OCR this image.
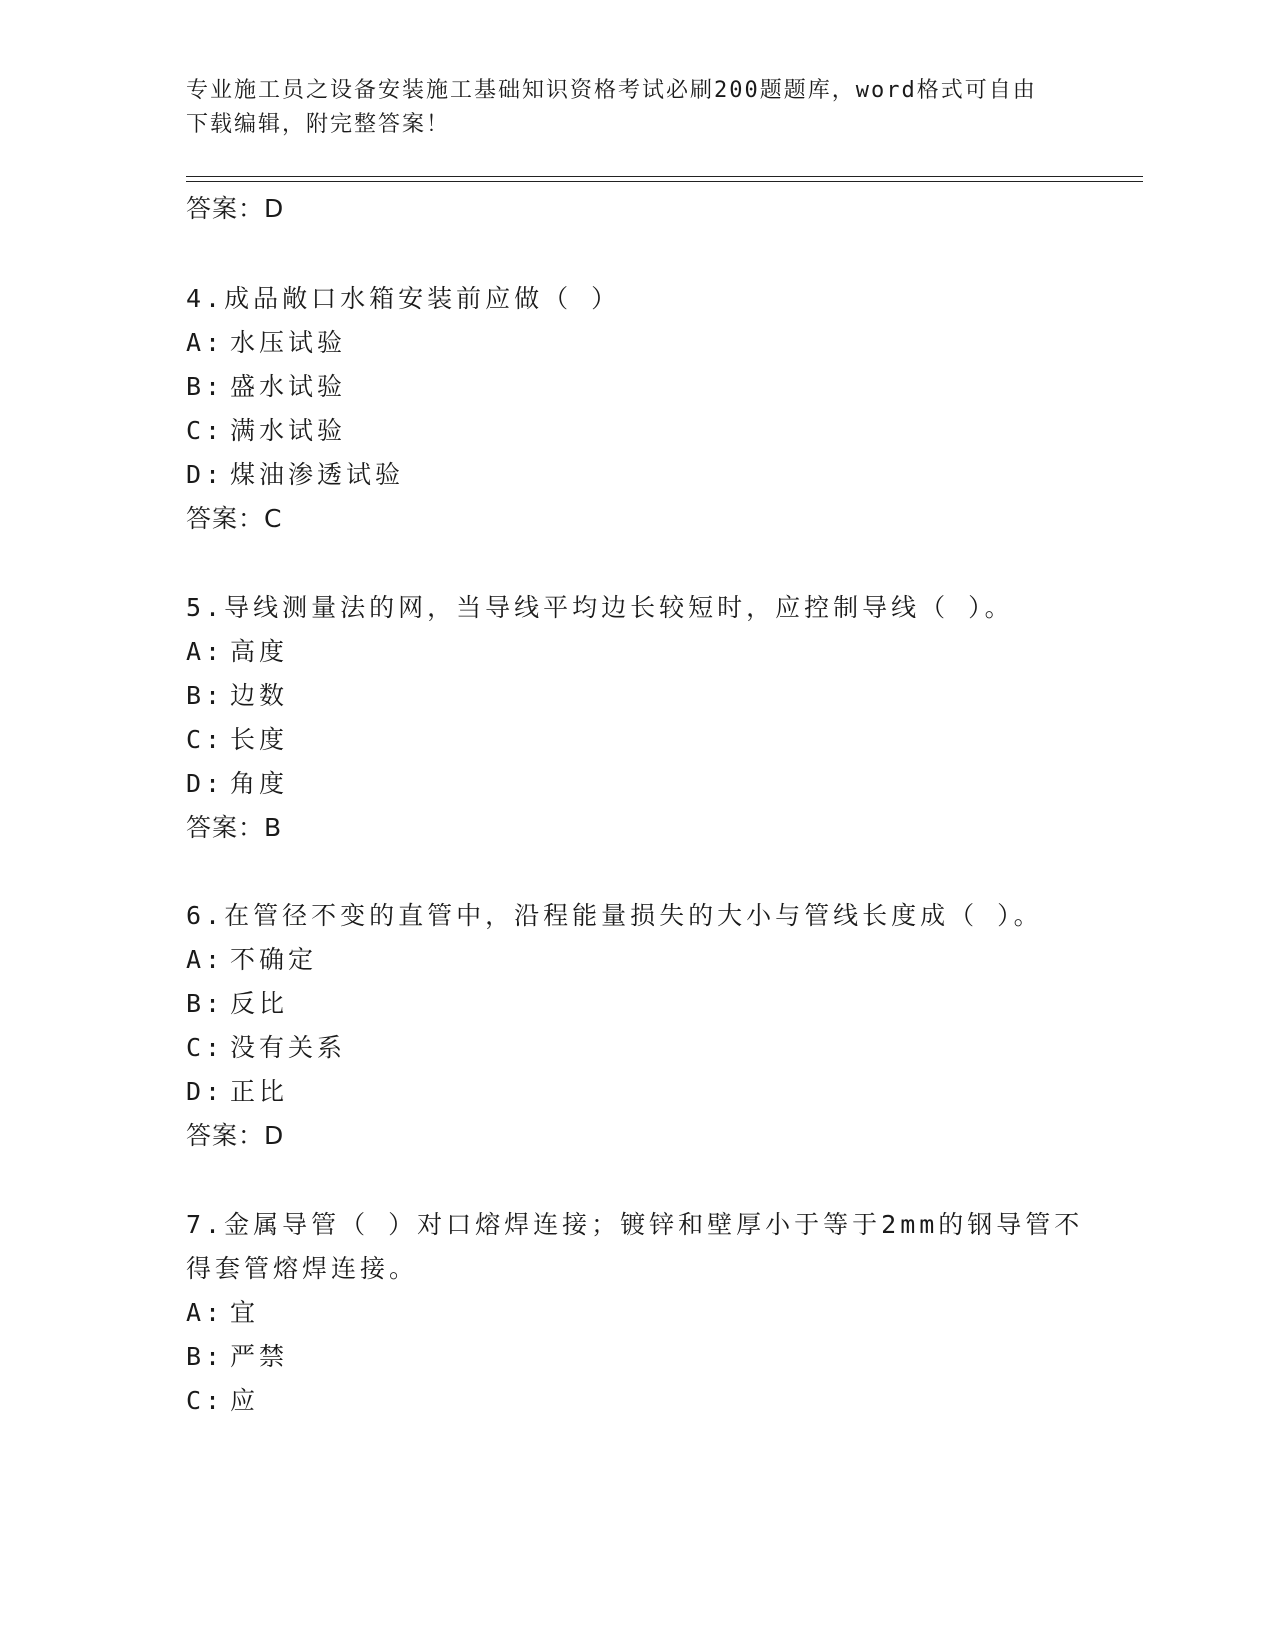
专业施工员之设备安装施工基础知识资格考试必刷200题题库，word格式可自由
下载编辑，附完整答案！
答案：D
4.成品敞口水箱安装前应做（ ）
A: 水压试验
B: 盛水试验
C: 满水试验
D: 煤油渗透试验
答案：C
5.导线测量法的网，当导线平均边长较短时，应控制导线（ ）。
A: 高度
B: 边数
C: 长度
D: 角度
答案：B
6.在管径不变的直管中，沿程能量损失的大小与管线长度成（ ）。
A: 不确定
B: 反比
C: 没有关系
D: 正比
答案：D
7.金属导管（ ）对口熔焊连接；镀锌和壁厚小于等于2mm的钢导管不
得套管熔焊连接。
A: 宜
B: 严禁
C: 应
